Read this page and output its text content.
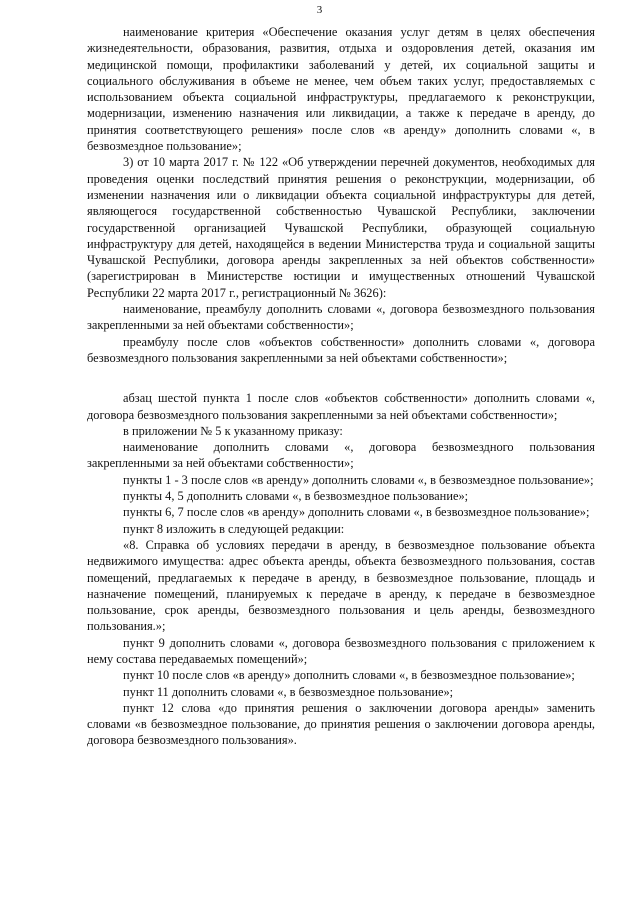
3

наименование критерия «Обеспечение оказания услуг детям в целях обеспечения жизнедеятельности, образования, развития, отдыха и оздоровления детей, оказания им медицинской помощи, профилактики заболеваний у детей, их социальной защиты и социального обслуживания в объеме не менее, чем объем таких услуг, предоставляемых с использованием объекта социальной инфраструктуры, предлагаемого к реконструкции, модернизации, изменению назначения или ликвидации, а также к передаче в аренду, до принятия соответствующего решения» после слов «в аренду» дополнить словами «, в безвозмездное пользование»;

3) от 10 марта 2017 г. № 122 «Об утверждении перечней документов, необходимых для проведения оценки последствий принятия решения о реконструкции, модернизации, об изменении назначения или о ликвидации объекта социальной инфраструктуры для детей, являющегося государственной собственностью Чувашской Республики, заключении государственной организацией Чувашской Республики, образующей социальную инфраструктуру для детей, находящейся в ведении Министерства труда и социальной защиты Чувашской Республики, договора аренды закрепленных за ней объектов собственности» (зарегистрирован в Министерстве юстиции и имущественных отношений Чувашской Республики 22 марта 2017 г., регистрационный № 3626):

наименование, преамбулу дополнить словами «, договора безвозмездного пользования закрепленными за ней объектами собственности»;

преамбулу после слов «объектов собственности» дополнить словами «, договора безвозмездного пользования закрепленными за ней объектами собственности»;

абзац шестой пункта 1 после слов «объектов собственности» дополнить словами «, договора безвозмездного пользования закрепленными за ней объектами собственности»;

в приложении № 5 к указанному приказу:

наименование дополнить словами «, договора безвозмездного пользования закрепленными за ней объектами собственности»;

пункты 1 - 3 после слов «в аренду» дополнить словами «, в безвозмездное пользование»;

пункты 4, 5 дополнить словами «, в безвозмездное пользование»;

пункты 6, 7 после слов «в аренду» дополнить словами «, в безвозмездное пользование»;

пункт 8 изложить в следующей редакции:

«8. Справка об условиях передачи в аренду, в безвозмездное пользование объекта недвижимого имущества: адрес объекта аренды, объекта безвозмездного пользования, состав помещений, предлагаемых к передаче в аренду, в безвозмездное пользование, площадь и назначение помещений, планируемых к передаче в аренду, к передаче в безвозмездное пользование, срок аренды, безвозмездного пользования и цель аренды, безвозмездного пользования.»;

пункт 9 дополнить словами «, договора безвозмездного пользования с приложением к нему состава передаваемых помещений»;

пункт 10 после слов «в аренду» дополнить словами «, в безвозмездное пользование»;

пункт 11 дополнить словами «, в безвозмездное пользование»;

пункт 12 слова «до принятия решения о заключении договора аренды» заменить словами «в безвозмездное пользование, до принятия решения о заключении договора аренды, договора безвозмездного пользования».
